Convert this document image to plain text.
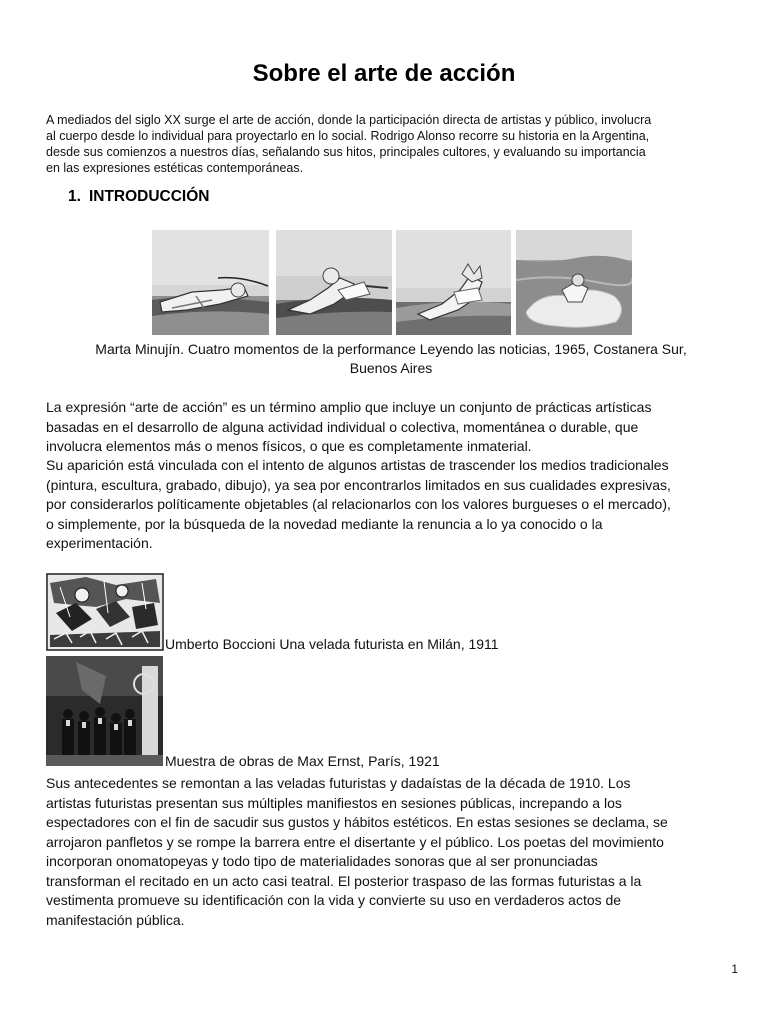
Sobre el arte de acción

A mediados del siglo XX surge el arte de acción, donde la participación directa de artistas y público, involucra
al cuerpo desde lo individual para proyectarlo en lo social. Rodrigo Alonso recorre su historia en la Argentina,
desde sus comienzos a nuestros días, señalando sus hitos, principales cultores, y evaluando su importancia
en las expresiones estéticas contemporáneas.

1. INTRODUCCIÓN

Marta Minujín. Cuatro momentos de la performance Leyendo las noticias, 1965, Costanera Sur,
Buenos Aires

La expresión “arte de acción” es un término amplio que incluye un conjunto de prácticas artísticas
basadas en el desarrollo de alguna actividad individual o colectiva, momentánea o durable, que
involucra elementos más o menos físicos, o que es completamente inmaterial.

Su aparición está vinculada con el intento de algunos artistas de trascender los medios tradicionales
(pintura, escultura, grabado, dibujo), ya sea por encontrarlos limitados en sus cualidades expresivas,
por considerarlos políticamente objetables (al relacionarlos con los valores burgueses o el mercado),
o simplemente, por la búsqueda de la novedad mediante la renuncia a lo ya conocido o la
experimentación.

Umberto Boccioni Una velada futurista en Milán, 1911
Muestra de obras de Max Ernst, París, 1921

Sus antecedentes se remontan a las veladas futuristas y dadaístas de la década de 1910. Los
artistas futuristas presentan sus múltiples manifiestos en sesiones públicas, increpando a los
espectadores con el fin de sacudir sus gustos y hábitos estéticos. En estas sesiones se declama, se
arrojaron panfletos y se rompe la barrera entre el disertante y el público. Los poetas del movimiento
incorporan onomatopeyas y todo tipo de materialidades sonoras que al ser pronunciadas
transforman el recitado en un acto casi teatral. El posterior traspaso de las formas futuristas a la
vestimenta promueve su identificación con la vida y convierte su uso en verdaderos actos de
manifestación pública.

1
